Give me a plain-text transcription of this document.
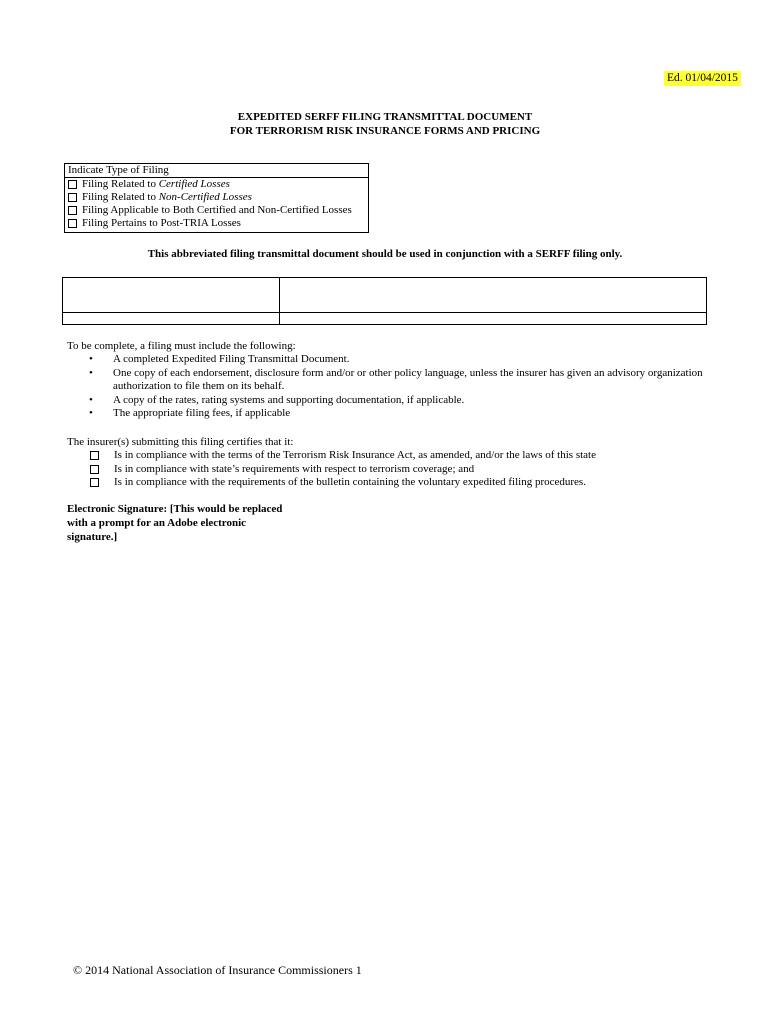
Ed. 01/04/2015
EXPEDITED SERFF FILING TRANSMITTAL DOCUMENT
FOR TERRORISM RISK INSURANCE FORMS AND PRICING
Indicate Type of Filing
Filing Related to Certified Losses
Filing Related to Non-Certified Losses
Filing Applicable to Both Certified and Non-Certified Losses
Filing Pertains to Post-TRIA Losses
This abbreviated filing transmittal document should be used in conjunction with a SERFF filing only.
To be complete, a filing must include the following:
• A completed Expedited Filing Transmittal Document.
• One copy of each endorsement, disclosure form and/or or other policy language, unless the insurer has given an advisory organization authorization to file them on its behalf.
• A copy of the rates, rating systems and supporting documentation, if applicable.
• The appropriate filing fees, if applicable
The insurer(s) submitting this filing certifies that it:
Is in compliance with the terms of the Terrorism Risk Insurance Act, as amended, and/or the laws of this state
Is in compliance with state’s requirements with respect to terrorism coverage; and
Is in compliance with the requirements of the bulletin containing the voluntary expedited filing procedures.
Electronic Signature: [This would be replaced with a prompt for an Adobe electronic signature.]
© 2014 National Association of Insurance Commissioners 1
